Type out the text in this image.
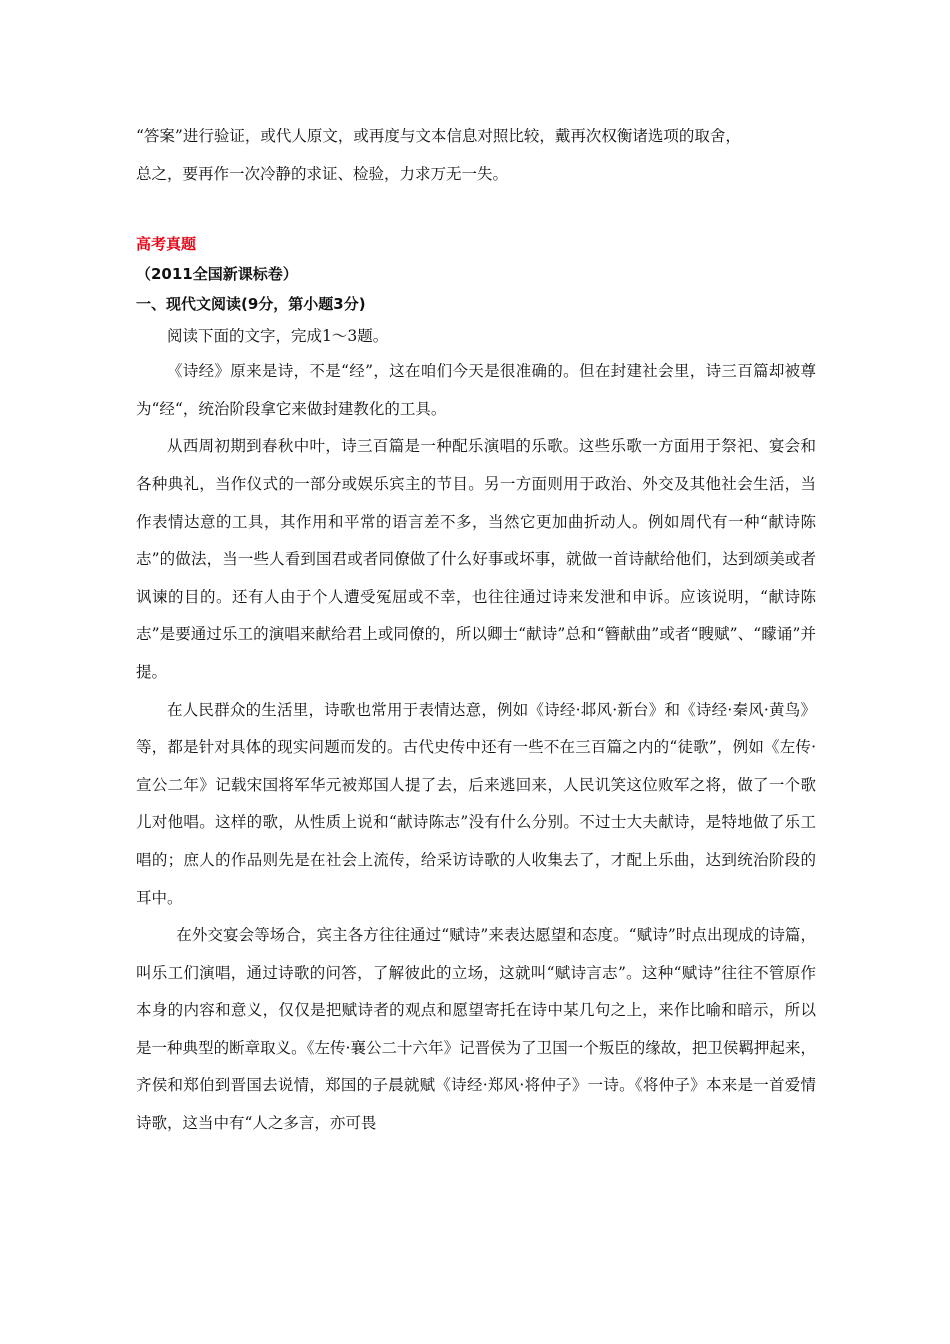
“答案”进行验证，或代人原文，或再度与文本信息对照比较，戴再次权衡诸选项的取舍，

总之，要再作一次冷静的求证、检验，力求万无一失。

高考真题

（2011全国新课标卷）

一、现代文阅读(9分，第小题3分)

阅读下面的文字，完成1～3题。

《诗经》原来是诗，不是“经”，这在咱们今天是很准确的。但在封建社会里，诗三百篇却被尊为“经“，统治阶段拿它来做封建教化的工具。

从西周初期到春秋中叶，诗三百篇是一种配乐演唱的乐歌。这些乐歌一方面用于祭祀、宴会和各种典礼，当作仪式的一部分或娱乐宾主的节目。另一方面则用于政治、外交及其他社会生活，当作表情达意的工具，其作用和平常的语言差不多，当然它更加曲折动人。例如周代有一种“献诗陈志”的做法，当一些人看到国君或者同僚做了什么好事或坏事，就做一首诗献给他们，达到颂美或者讽谏的目的。还有人由于个人遭受冤屈或不幸，也往往通过诗来发泄和申诉。应该说明，“献诗陈志”是要通过乐工的演唱来献给君上或同僚的，所以卿士“献诗”总和“簪献曲”或者“瞍赋”、“矇诵”并提。

在人民群众的生活里，诗歌也常用于表情达意，例如《诗经·邶风·新台》和《诗经·秦风·黄鸟》等，都是针对具体的现实问题而发的。古代史传中还有一些不在三百篇之内的“徒歌”，例如《左传·宣公二年》记载宋国将军华元被郑国人提了去，后来逃回来，人民讥笑这位败军之将，做了一个歌儿对他唱。这样的歌，从性质上说和“献诗陈志”没有什么分别。不过士大夫献诗，是特地做了乐工唱的；庶人的作品则先是在社会上流传，给采访诗歌的人收集去了，才配上乐曲，达到统治阶段的耳中。

在外交宴会等场合，宾主各方往往通过“赋诗”来表达愿望和态度。“赋诗”时点出现成的诗篇，叫乐工们演唱，通过诗歌的问答，了解彼此的立场，这就叫“赋诗言志”。这种“赋诗”往往不管原作本身的内容和意义，仅仅是把赋诗者的观点和愿望寄托在诗中某几句之上，来作比喻和暗示，所以是一种典型的断章取义。《左传·襄公二十六年》记晋侯为了卫国一个叛臣的缘故，把卫侯羁押起来，齐侯和郑伯到晋国去说情，郑国的子晨就赋《诗经·郑风·将仲子》一诗。《将仲子》本来是一首爱情诗歌，这当中有“人之多言，亦可畏
